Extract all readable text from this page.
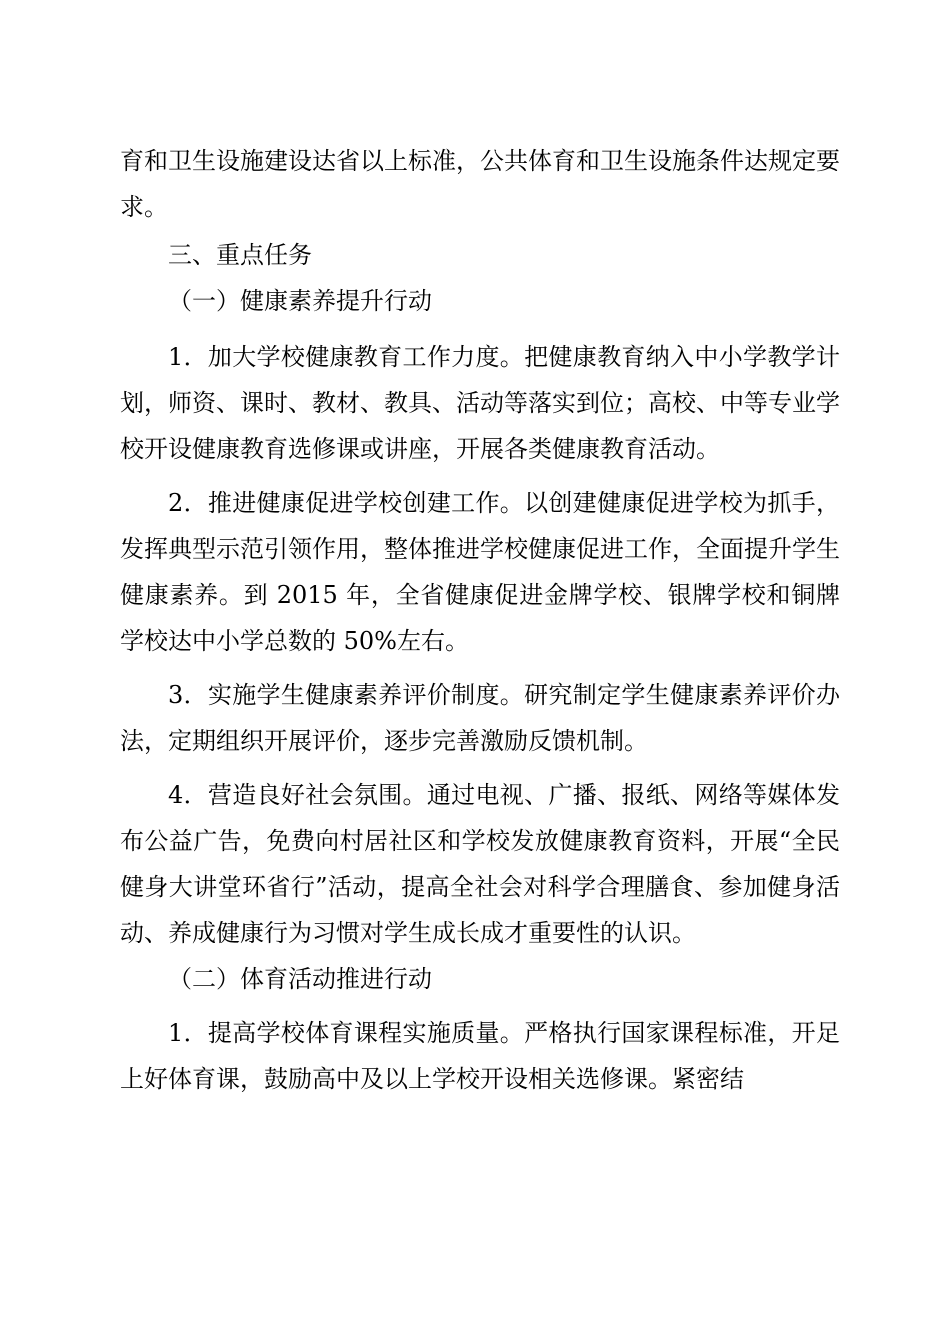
育和卫生设施建设达省以上标准，公共体育和卫生设施条件达规定要求。

三、重点任务

（一）健康素养提升行动

1．加大学校健康教育工作力度。把健康教育纳入中小学教学计划，师资、课时、教材、教具、活动等落实到位；高校、中等专业学校开设健康教育选修课或讲座，开展各类健康教育活动。

2．推进健康促进学校创建工作。以创建健康促进学校为抓手，发挥典型示范引领作用，整体推进学校健康促进工作，全面提升学生健康素养。到 2015 年，全省健康促进金牌学校、银牌学校和铜牌学校达中小学总数的 50%左右。

3．实施学生健康素养评价制度。研究制定学生健康素养评价办法，定期组织开展评价，逐步完善激励反馈机制。

4．营造良好社会氛围。通过电视、广播、报纸、网络等媒体发布公益广告，免费向村居社区和学校发放健康教育资料，开展“全民健身大讲堂环省行”活动，提高全社会对科学合理膳食、参加健身活动、养成健康行为习惯对学生成长成才重要性的认识。

（二）体育活动推进行动

1．提高学校体育课程实施质量。严格执行国家课程标准，开足上好体育课，鼓励高中及以上学校开设相关选修课。紧密结
